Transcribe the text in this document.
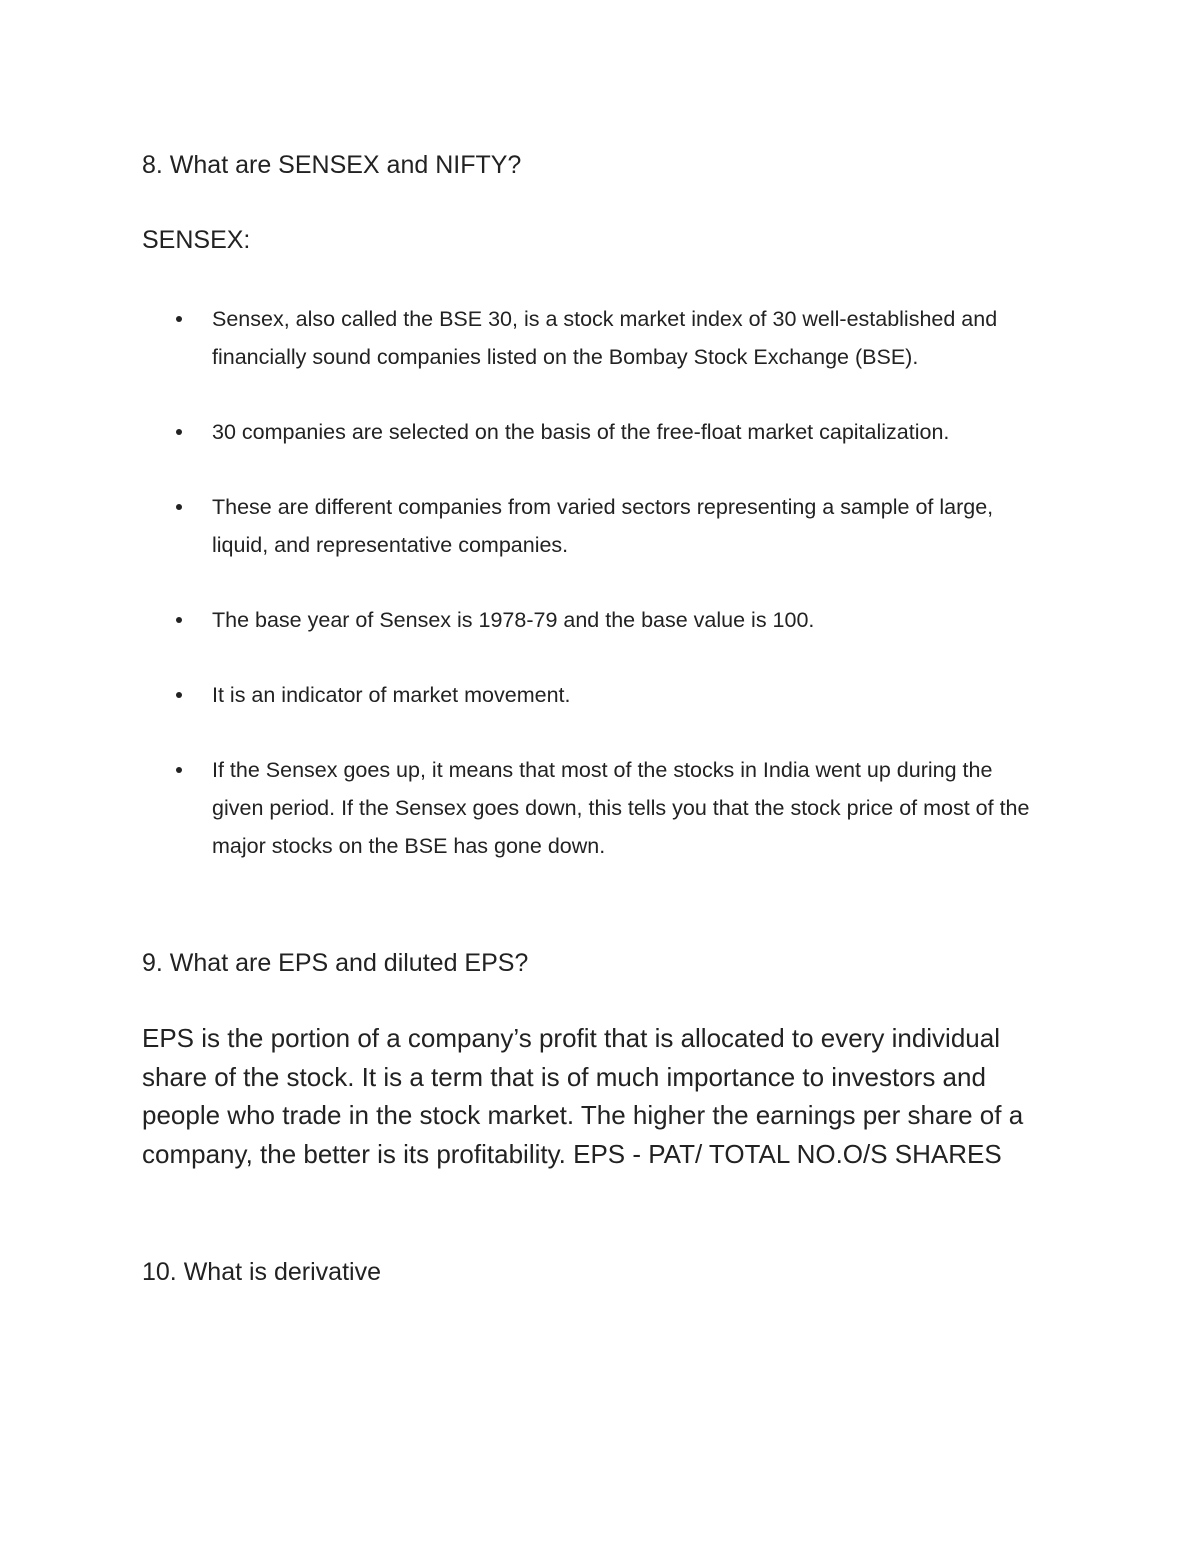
8. What are SENSEX and NIFTY?
SENSEX:
Sensex, also called the BSE 30, is a stock market index of 30 well-established and financially sound companies listed on the Bombay Stock Exchange (BSE).
30 companies are selected on the basis of the free-float market capitalization.
These are different companies from varied sectors representing a sample of large, liquid, and representative companies.
The base year of Sensex is 1978-79 and the base value is 100.
It is an indicator of market movement.
If the Sensex goes up, it means that most of the stocks in India went up during the given period. If the Sensex goes down, this tells you that the stock price of most of the major stocks on the BSE has gone down.
9. What are EPS and diluted EPS?

EPS is the portion of a company’s profit that is allocated to every individual share of the stock. It is a term that is of much importance to investors and people who trade in the stock market. The higher the earnings per share of a company, the better is its profitability. EPS - PAT/ TOTAL NO.O/S SHARES

10. What is derivative
